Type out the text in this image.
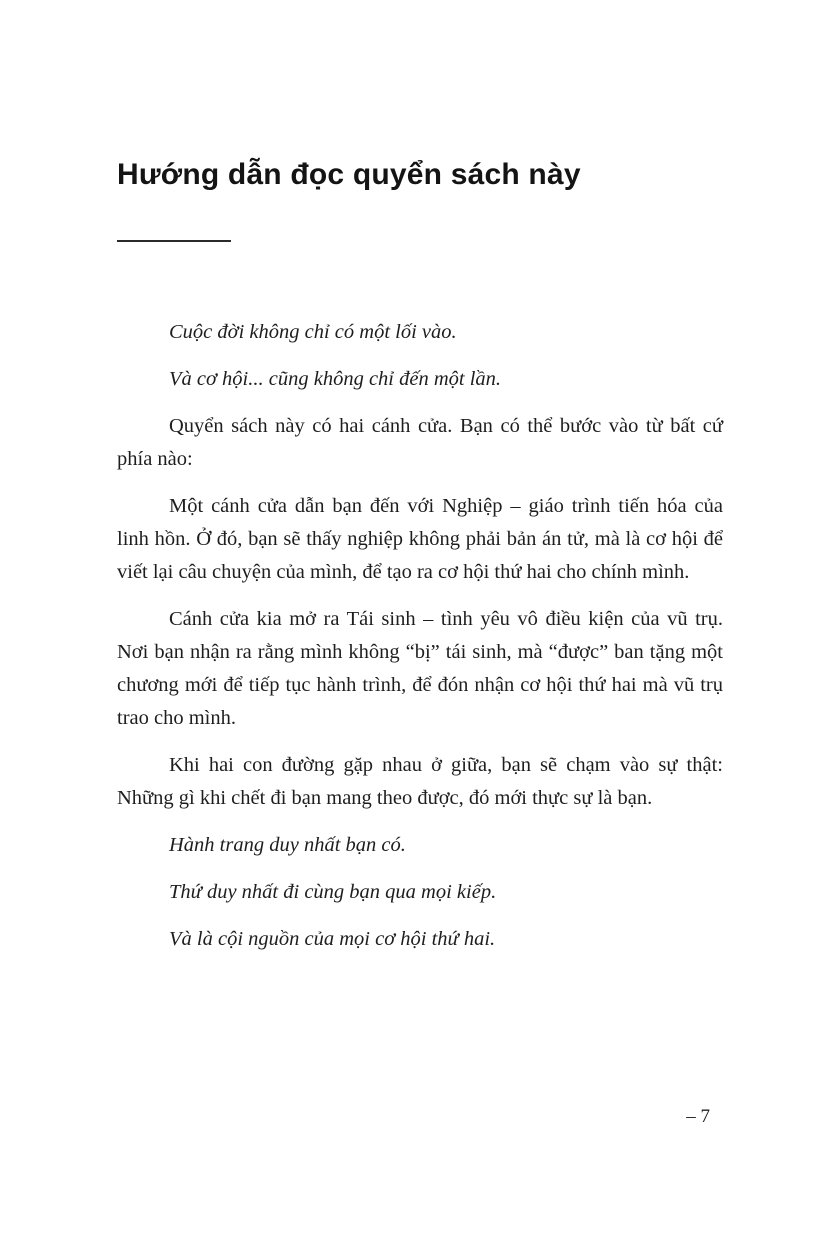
Hướng dẫn đọc quyển sách này

Cuộc đời không chỉ có một lối vào.

Và cơ hội... cũng không chỉ đến một lần.

Quyển sách này có hai cánh cửa. Bạn có thể bước vào từ bất cứ phía nào:

Một cánh cửa dẫn bạn đến với Nghiệp – giáo trình tiến hóa của linh hồn. Ở đó, bạn sẽ thấy nghiệp không phải bản án tử, mà là cơ hội để viết lại câu chuyện của mình, để tạo ra cơ hội thứ hai cho chính mình.

Cánh cửa kia mở ra Tái sinh – tình yêu vô điều kiện của vũ trụ. Nơi bạn nhận ra rằng mình không “bị” tái sinh, mà “được” ban tặng một chương mới để tiếp tục hành trình, để đón nhận cơ hội thứ hai mà vũ trụ trao cho mình.

Khi hai con đường gặp nhau ở giữa, bạn sẽ chạm vào sự thật: Những gì khi chết đi bạn mang theo được, đó mới thực sự là bạn.

Hành trang duy nhất bạn có.

Thứ duy nhất đi cùng bạn qua mọi kiếp.

Và là cội nguồn của mọi cơ hội thứ hai.

– 7
